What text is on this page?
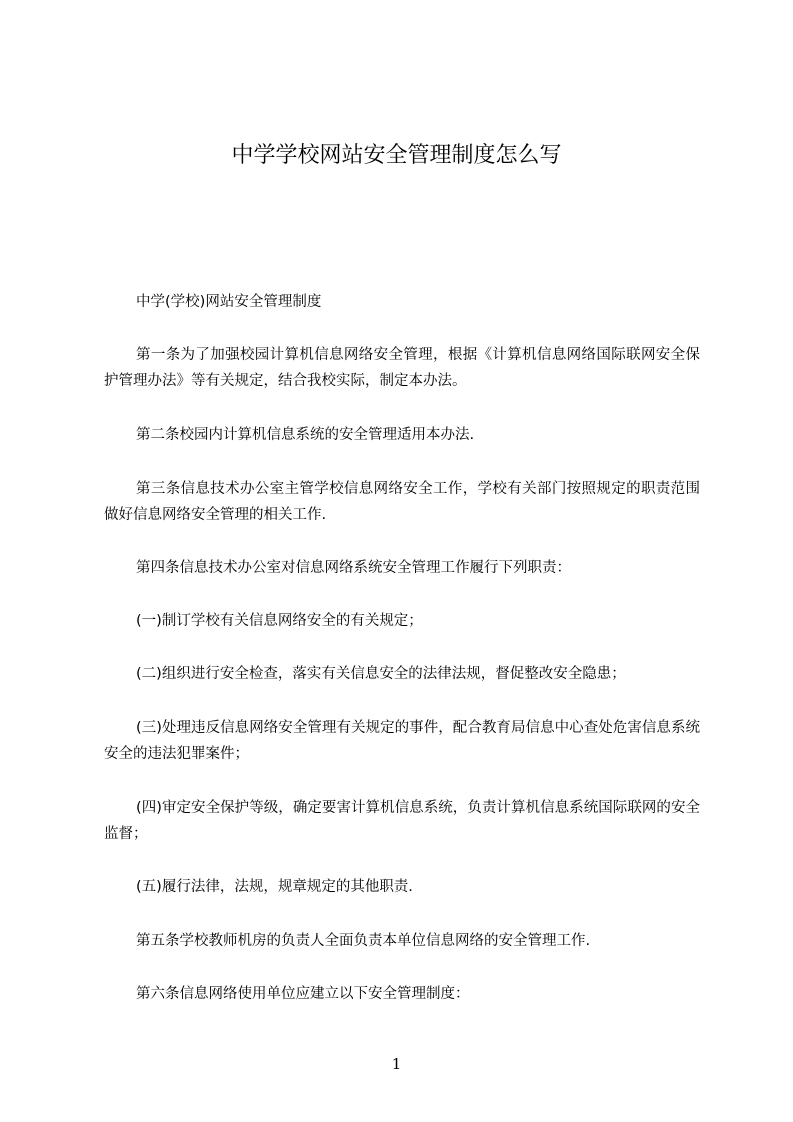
中学学校网站安全管理制度怎么写

中学(学校)网站安全管理制度

第一条为了加强校园计算机信息网络安全管理，根据《计算机信息网络国际联网安全保护管理办法》等有关规定，结合我校实际，制定本办法。

第二条校园内计算机信息系统的安全管理适用本办法.

第三条信息技术办公室主管学校信息网络安全工作，学校有关部门按照规定的职责范围做好信息网络安全管理的相关工作.

第四条信息技术办公室对信息网络系统安全管理工作履行下列职责：

(一)制订学校有关信息网络安全的有关规定；

(二)组织进行安全检查，落实有关信息安全的法律法规，督促整改安全隐患；

(三)处理违反信息网络安全管理有关规定的事件，配合教育局信息中心查处危害信息系统安全的违法犯罪案件；

(四)审定安全保护等级，确定要害计算机信息系统，负责计算机信息系统国际联网的安全监督；

(五)履行法律，法规，规章规定的其他职责.

第五条学校教师机房的负责人全面负责本单位信息网络的安全管理工作.

第六条信息网络使用单位应建立以下安全管理制度：

1
